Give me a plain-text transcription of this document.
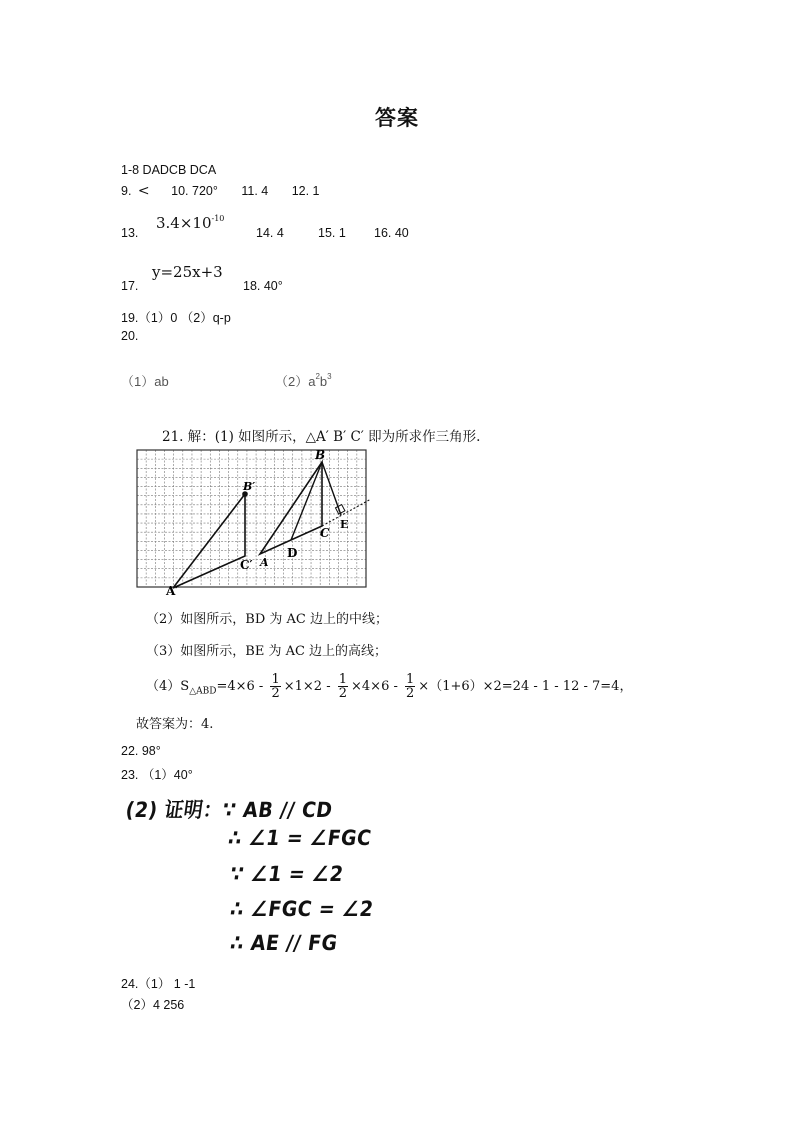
答案
1-8 DADCB DCA
9. < 10. 720° 11. 4 12. 1
13.
$3.4\times 10^{-10}$
14. 4	15. 1 16. 40
17.
y=25x+3
18. 40°
19.（1）0 （2）q-p
20.
（1）ab	$(2)a^2b^3$
21. 解：(1) 如图所示，△A′ B′ C′ 即为所求作三角形.
B
B′
A′
C′ A
C
D
E
（2）如图所示，BD 为 AC 边上的中线；
（3）如图所示，BE 为 AC 边上的高线；
$(4)S_{\triangle ABD}=4\times 6 - \frac{1}{2} \times 1\times 2 - \frac{1}{2} \times 4\times 6 - \frac{1}{2} \times(1+6)\times 2=24 - 1 - 12 - 7=4$，
故答案为：4.
22. 98°
23. （1）40°
(2) 证明：∵ AB // CD
∴ ∠1 = ∠FGC
∵ ∠1 = ∠2
∴ ∠FGC = ∠2
∴ AE // FG
24.（1） 1 -1
（2）4 256
